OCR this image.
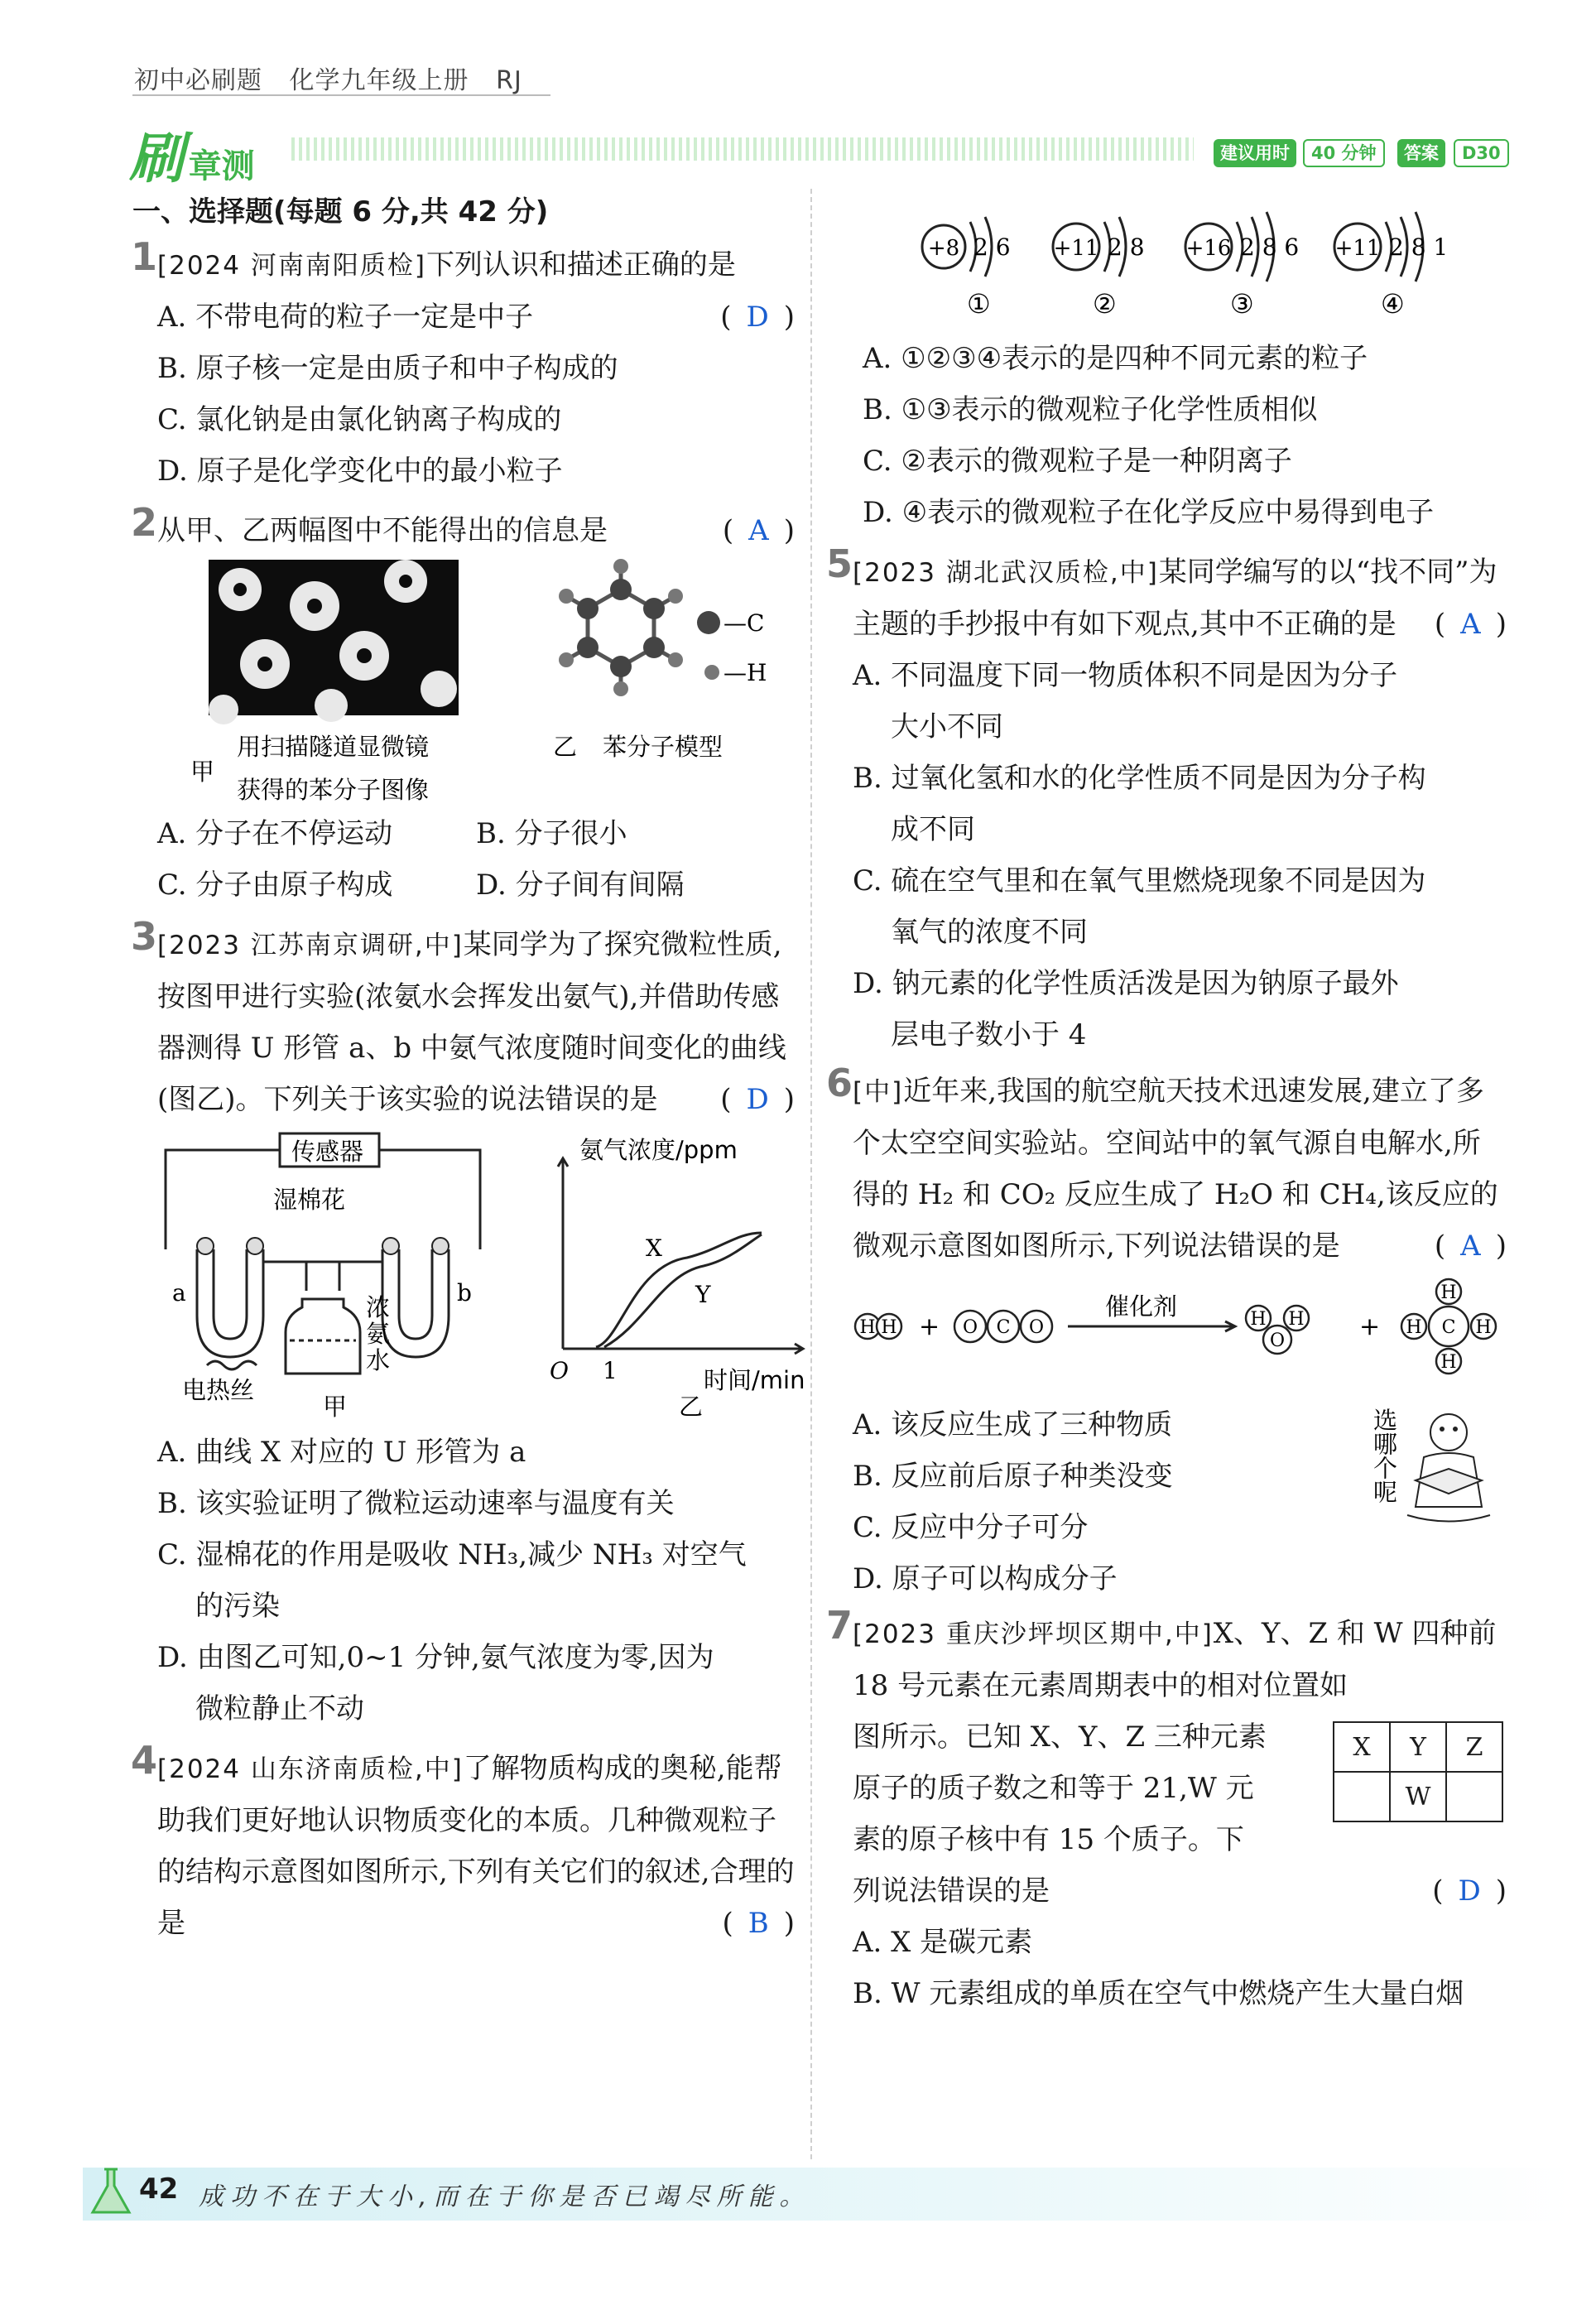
初中必刷题 化学九年级上册 RJ
刷 章测	建议用时	40 分钟	答案	D30
一、选择题(每题 6 分,共 42 分)
1 [2024 河南南阳质检]下列认识和描述正确的是
( D )

A. 不带电荷的粒子一定是中子

B. 原子核一定是由质子和中子构成的

C. 氯化钠是由氯化钠离子构成的

D. 原子是化学变化中的最小粒子

2 从甲、乙两幅图中不能得出的信息是	( A )

—C
—H
甲
用扫描隧道显微镜
获得的苯分子图像
乙 苯分子模型

A. 分子在不停运动	B. 分子很小

C. 分子由原子构成	D. 分子间有间隔

3 [2023 江苏南京调研,中]某同学为了探究微粒性质,按图甲进行实验(浓氨水会挥发出氨气),并借助传感器测得 U 形管 a、b 中氨气浓度随时间变化的曲线(图乙)。下列关于该实验的说法错误的是 ( D )

传感器
湿棉花
a	b
电热丝
浓
氨
水
甲
氨气浓度/ppm
时间/min
O 1
X
Y
乙

A. 曲线 X 对应的 U 形管为 a

B. 该实验证明了微粒运动速率与温度有关

C. 湿棉花的作用是吸收 NH₃,减少 NH₃ 对空气

的污染

D. 由图乙可知,0~1 分钟,氨气浓度为零,因为

微粒静止不动

4 [2024 山东济南质检,中]了解物质构成的奥秘,能帮助我们更好地认识物质变化的本质。几种微观粒子的结构示意图如图所示,下列有关它们的叙述,合理的是	( B )

+8 2 6
①
+11 2 8
②
+16 2 8 6
③
+11 2 8 1
④

A. ①②③④表示的是四种不同元素的粒子

B. ①③表示的微观粒子化学性质相似

C. ②表示的微观粒子是一种阴离子

D. ④表示的微观粒子在化学反应中易得到电子

5 [2023 湖北武汉质检,中]某同学编写的以“找不同”为主题的手抄报中有如下观点,其中不正确的是 ( A )

A. 不同温度下同一物质体积不同是因为分子

大小不同

B. 过氧化氢和水的化学性质不同是因为分子构

成不同

C. 硫在空气里和在氧气里燃烧现象不同是因为

氧气的浓度不同

D. 钠元素的化学性质活泼是因为钠原子最外

层电子数小于 4

6 [中]近年来,我国的航空航天技术迅速发展,建立了多个太空空间实验站。空间站中的氧气源自电解水,所得的 H₂ 和 CO₂ 反应生成了 H₂O 和 CH₄,该反应的微观示意图如图所示,下列说法错误的是	( A )

H H	O C O	H H
O
C
H
H
H	H
+	+
催化剂

A. 该反应生成了三种物质

B. 反应前后原子种类没变

C. 反应中分子可分

D. 原子可以构成分子

选哪个呢
7 [2023 重庆沙坪坝区期中,中]X、Y、Z 和 W 四种前 18 号元素在元素周期表中的相对位置如

图所示。已知 X、Y、Z 三种元素

原子的质子数之和等于 21,W 元

素的原子核中有 15 个质子。下

列说法错误的是	( D )

X	Y	Z
	W	

A. X 是碳元素

B. W 元素组成的单质在空气中燃烧产生大量白烟

42 成功不在于大小,而在于你是否已竭尽所能。
